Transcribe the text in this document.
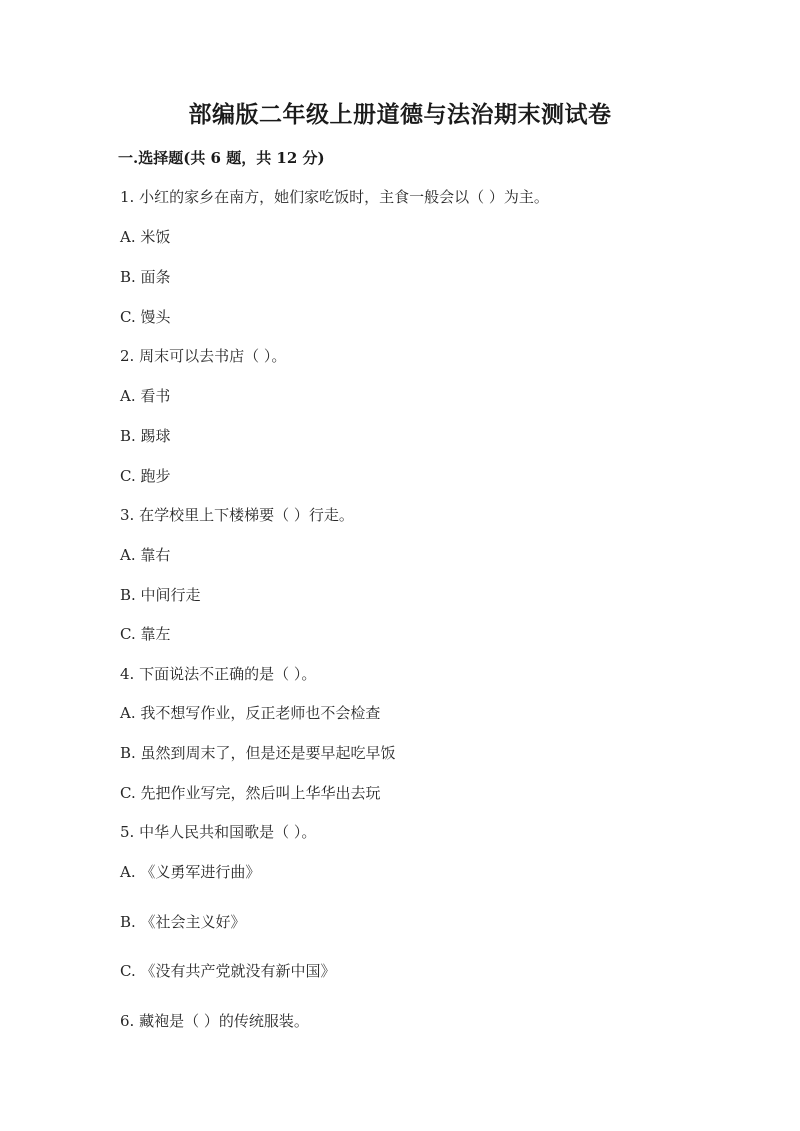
部编版二年级上册道德与法治期末测试卷
一.选择题(共 6 题，共 12 分)
1. 小红的家乡在南方，她们家吃饭时，主食一般会以（ ）为主。
A. 米饭
B. 面条
C. 馒头
2. 周末可以去书店（ ）。
A. 看书
B. 踢球
C. 跑步
3. 在学校里上下楼梯要（ ）行走。
A. 靠右
B. 中间行走
C. 靠左
4. 下面说法不正确的是（ ）。
A. 我不想写作业，反正老师也不会检查
B. 虽然到周末了，但是还是要早起吃早饭
C. 先把作业写完，然后叫上华华出去玩
5. 中华人民共和国歌是（ ）。
A. 《义勇军进行曲》
B. 《社会主义好》
C. 《没有共产党就没有新中国》
6. 藏袍是（ ）的传统服装。
